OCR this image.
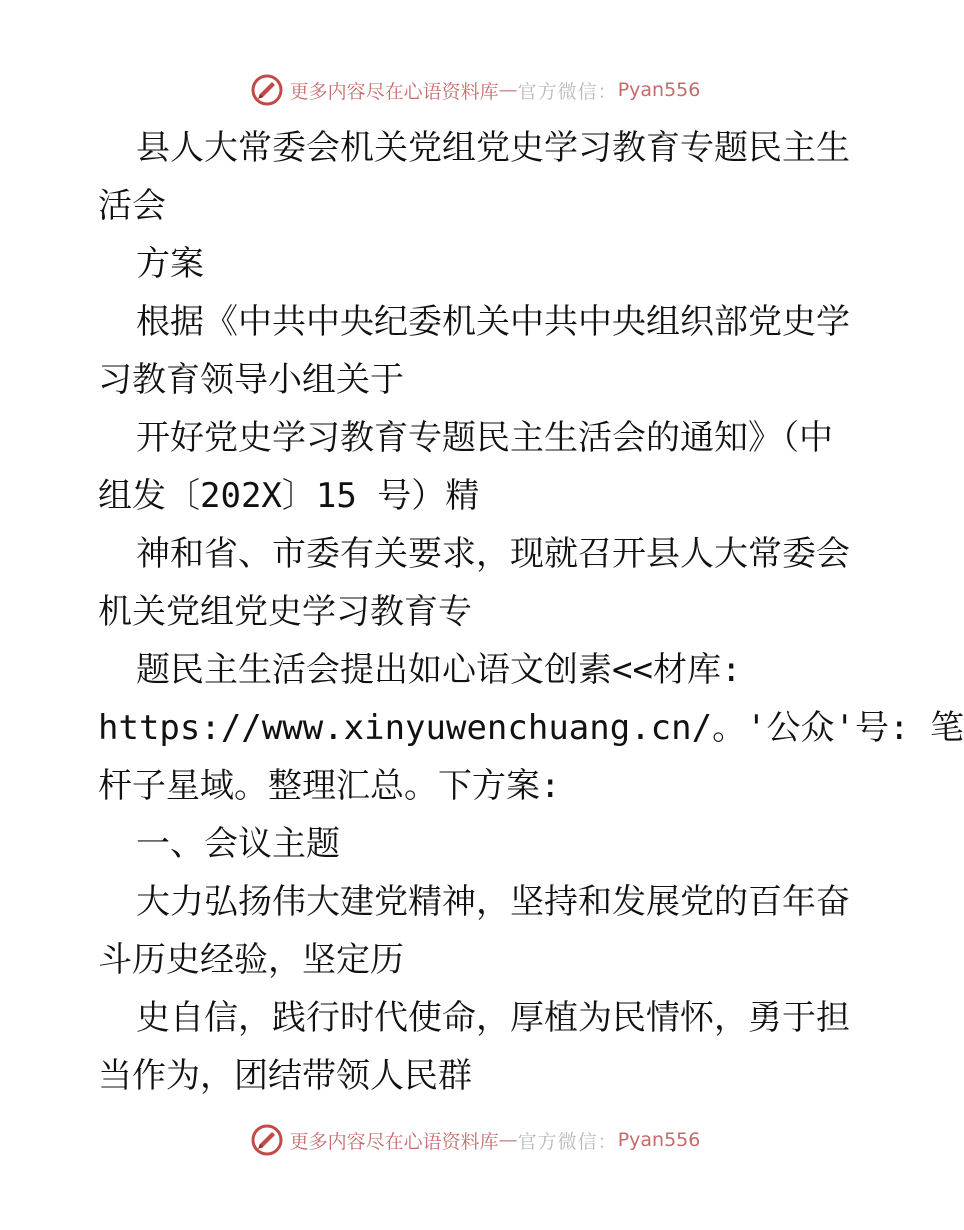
更多内容尽在心语资料库 — 官方微信： Pyan556
县人大常委会机关党组党史学习教育专题民主生
活会
方案
根据《中共中央纪委机关中共中央组织部党史学
习教育领导小组关于
开好党史学习教育专题民主生活会的通知》（中
组发〔202X〕15 号）精
神和省、市委有关要求，现就召开县人大常委会
机关党组党史学习教育专
题民主生活会提出如心语文创素<<材库:
https://www.xinyuwenchuang.cn/。'公众'号: 笔
杆子星域。整理汇总。下方案:
一、会议主题
大力弘扬伟大建党精神，坚持和发展党的百年奋
斗历史经验，坚定历
史自信，践行时代使命，厚植为民情怀，勇于担
当作为，团结带领人民群
更多内容尽在心语资料库 — 官方微信： Pyan556
